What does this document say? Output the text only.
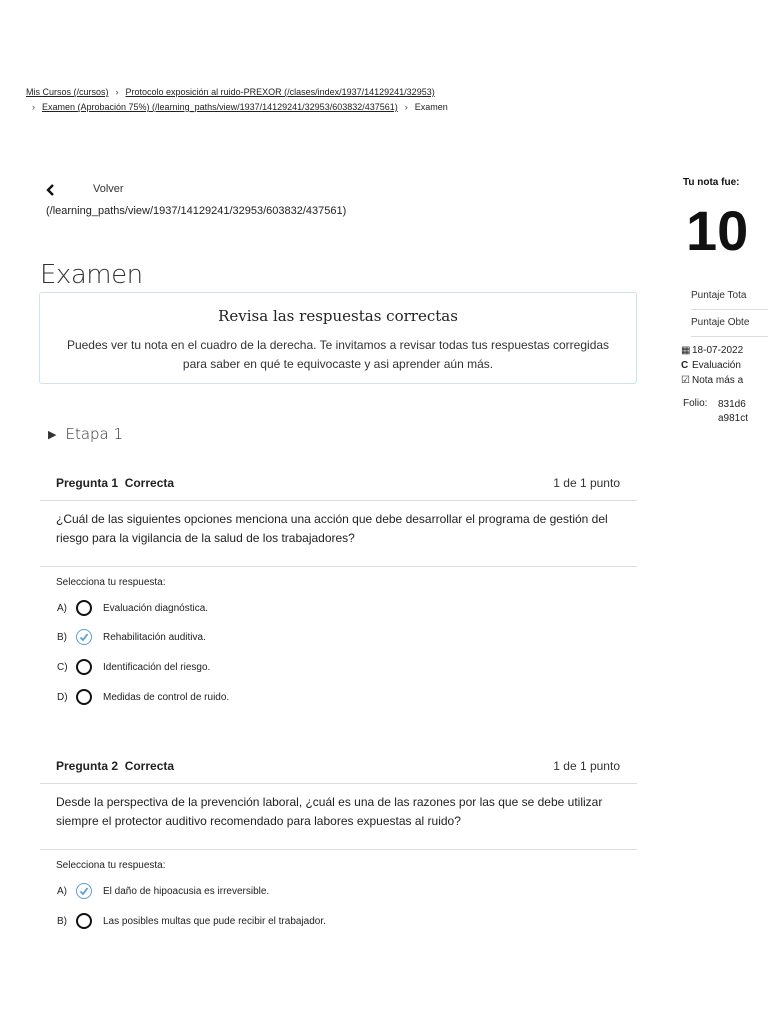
Mis Cursos (/cursos) › Protocolo exposición al ruido-PREXOR (/clases/index/1937/14129241/32953)
› Examen (Aprobación 75%) (/learning_paths/view/1937/14129241/32953/603832/437561) › Examen
Volver
(/learning_paths/view/1937/14129241/32953/603832/437561)
Examen
Revisa las respuestas correctas
Puedes ver tu nota en el cuadro de la derecha. Te invitamos a revisar todas tus respuestas corregidas para saber en qué te equivocaste y asi aprender aún más.
▶ Etapa 1
Pregunta 1 Correcta	1 de 1 punto
¿Cuál de las siguientes opciones menciona una acción que debe desarrollar el programa de gestión del riesgo para la vigilancia de la salud de los trabajadores?
Selecciona tu respuesta:
A)	Evaluación diagnóstica.
B)	Rehabilitación auditiva.
C)	Identificación del riesgo.
D)	Medidas de control de ruido.
Pregunta 2 Correcta	1 de 1 punto
Desde la perspectiva de la prevención laboral, ¿cuál es una de las razones por las que se debe utilizar siempre el protector auditivo recomendado para labores expuestas al ruido?
Selecciona tu respuesta:
A)	El daño de hipoacusia es irreversible.
B)	Las posibles multas que pude recibir el trabajador.
Tu nota fue:
10
Puntaje Tota
Puntaje Obte
▦ 18-07-2022
C Evaluación
☑ Nota más a
Folio: 831d6
a981ct
